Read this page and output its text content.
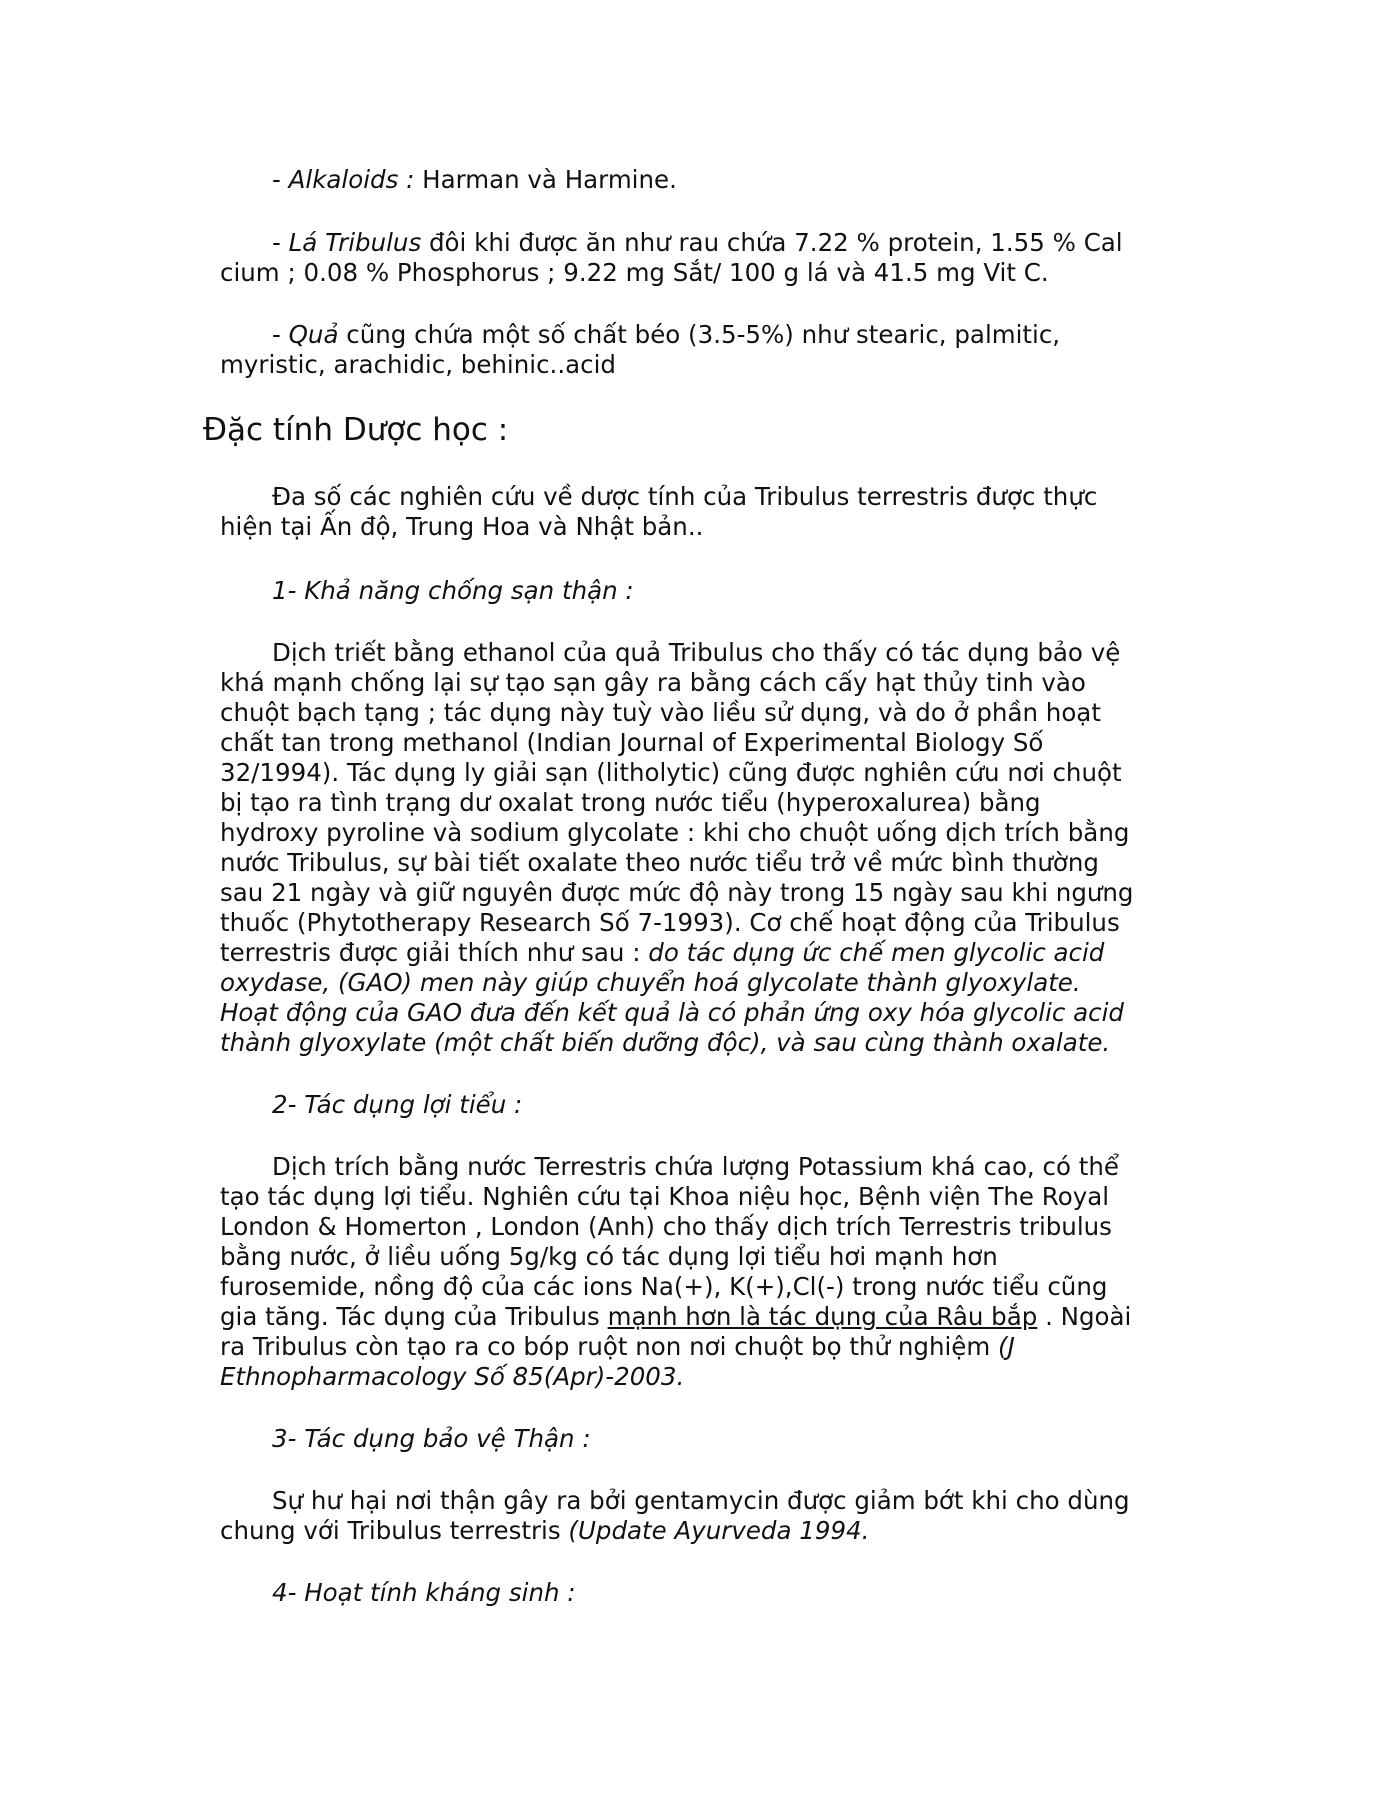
- Alkaloids : Harman và Harmine.

- Lá Tribulus đôi khi được ăn như rau chứa 7.22 % protein, 1.55 % Cal
cium ; 0.08 % Phosphorus ; 9.22 mg Sắt/ 100 g lá và 41.5 mg Vit C.

- Quả cũng chứa một số chất béo (3.5-5%) như stearic, palmitic,
myristic, arachidic, behinic..acid

Đặc tính Dược học :

Đa số các nghiên cứu về dược tính của Tribulus terrestris được thực
hiện tại Ấn độ, Trung Hoa và Nhật bản..

1- Khả năng chống sạn thận :

Dịch triết bằng ethanol của quả Tribulus cho thấy có tác dụng bảo vệ
khá mạnh chống lại sự tạo sạn gây ra bằng cách cấy hạt thủy tinh vào
chuột bạch tạng ; tác dụng này tuỳ vào liều sử dụng, và do ở phần hoạt
chất tan trong methanol (Indian Journal of Experimental Biology Số
32/1994). Tác dụng ly giải sạn (litholytic) cũng được nghiên cứu nơi chuột
bị tạo ra tình trạng dư oxalat trong nước tiểu (hyperoxalurea) bằng
hydroxy pyroline và sodium glycolate : khi cho chuột uống dịch trích bằng
nước Tribulus, sự bài tiết oxalate theo nước tiểu trở về mức bình thường
sau 21 ngày và giữ nguyên được mức độ này trong 15 ngày sau khi ngưng
thuốc (Phytotherapy Research Số 7-1993). Cơ chế hoạt động của Tribulus
terrestris được giải thích như sau : do tác dụng ức chế men glycolic acid
oxydase, (GAO) men này giúp chuyển hoá glycolate thành glyoxylate.
Hoạt động của GAO đưa đến kết quả là có phản ứng oxy hóa glycolic acid
thành glyoxylate (một chất biến dưỡng độc), và sau cùng thành oxalate.

2- Tác dụng lợi tiểu :

Dịch trích bằng nước Terrestris chứa lượng Potassium khá cao, có thể
tạo tác dụng lợi tiểu. Nghiên cứu tại Khoa niệu học, Bệnh viện The Royal
London & Homerton , London (Anh) cho thấy dịch trích Terrestris tribulus
bằng nước, ở liều uống 5g/kg có tác dụng lợi tiểu hơi mạnh hơn
furosemide, nồng độ của các ions Na(+), K(+),Cl(-) trong nước tiểu cũng
gia tăng. Tác dụng của Tribulus mạnh hơn là tác dụng của Râu bắp . Ngoài
ra Tribulus còn tạo ra co bóp ruột non nơi chuột bọ thử nghiệm (J
Ethnopharmacology Số 85(Apr)-2003.

3- Tác dụng bảo vệ Thận :

Sự hư hại nơi thận gây ra bởi gentamycin được giảm bớt khi cho dùng
chung với Tribulus terrestris (Update Ayurveda 1994.

4- Hoạt tính kháng sinh :
